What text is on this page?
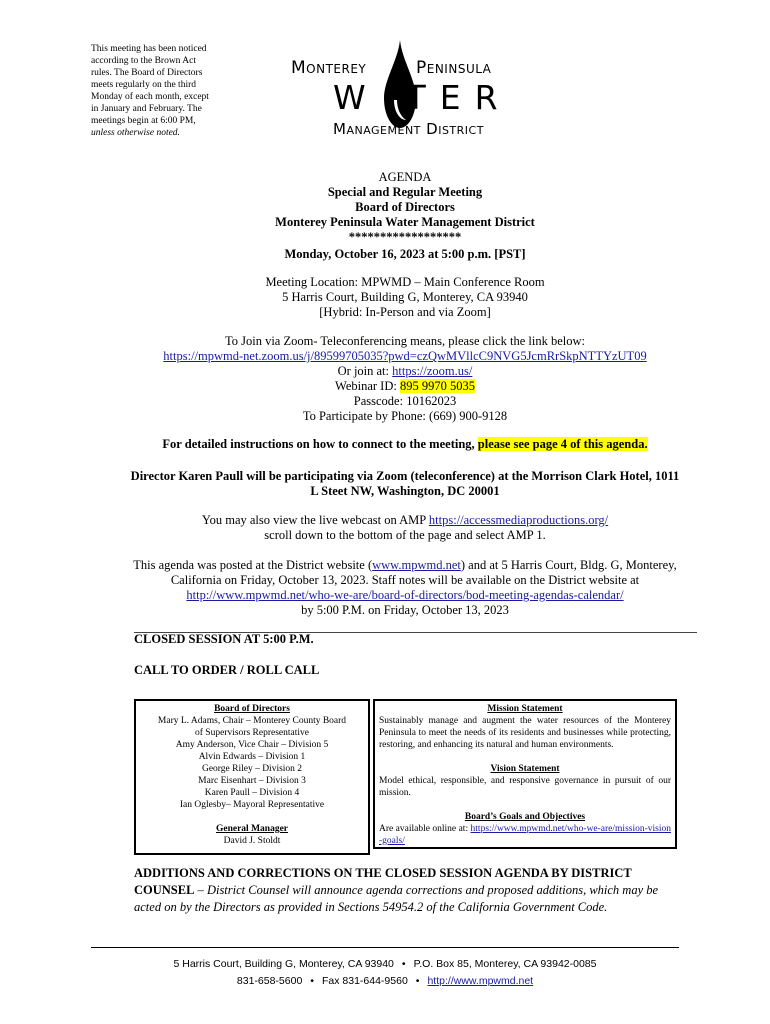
This meeting has been noticed
according to the Brown Act
rules. The Board of Directors
meets regularly on the third
Monday of each month, except
in January and February. The
meetings begin at 6:00 PM,
unless otherwise noted.
Monterey	Peninsula
W TER
Management District
AGENDA
Special and Regular Meeting
Board of Directors
Monterey Peninsula Water Management District
******************
Monday, October 16, 2023 at 5:00 p.m. [PST]
Meeting Location: MPWMD – Main Conference Room
5 Harris Court, Building G, Monterey, CA 93940
[Hybrid: In-Person and via Zoom]
To Join via Zoom- Teleconferencing means, please click the link below:
https://mpwmd-net.zoom.us/j/89599705035?pwd=czQwMVllcC9NVG5JcmRrSkpNTTYzUT09
Or join at: https://zoom.us/
Webinar ID: 895 9970 5035
Passcode: 10162023
To Participate by Phone: (669) 900-9128
For detailed instructions on how to connect to the meeting, please see page 4 of this agenda.
Director Karen Paull will be participating via Zoom (teleconference) at the Morrison Clark Hotel, 1011
L Steet NW, Washington, DC 20001
You may also view the live webcast on AMP https://accessmediaproductions.org/
scroll down to the bottom of the page and select AMP 1.
This agenda was posted at the District website (www.mpwmd.net) and at 5 Harris Court, Bldg. G, Monterey,
California on Friday, October 13, 2023. Staff notes will be available on the District website at
http://www.mpwmd.net/who-we-are/board-of-directors/bod-meeting-agendas-calendar/
by 5:00 P.M. on Friday, October 13, 2023
CLOSED SESSION AT 5:00 P.M.
CALL TO ORDER / ROLL CALL
Board of Directors
Mary L. Adams, Chair – Monterey County Board
of Supervisors Representative
Amy Anderson, Vice Chair – Division 5
Alvin Edwards – Division 1
George Riley – Division 2
Marc Eisenhart – Division 3
Karen Paull – Division 4
Ian Oglesby– Mayoral Representative
General Manager
David J. Stoldt
Mission Statement
Sustainably manage and augment the water resources of the Monterey Peninsula to meet the needs of its residents and businesses while protecting, restoring, and enhancing its natural and human environments.
Vision Statement
Model ethical, responsible, and responsive governance in pursuit of our mission.
Board’s Goals and Objectives
Are available online at: https://www.mpwmd.net/who-we-are/mission-vision-goals/
ADDITIONS AND CORRECTIONS ON THE CLOSED SESSION AGENDA BY DISTRICT COUNSEL – District Counsel will announce agenda corrections and proposed additions, which may be acted on by the Directors as provided in Sections 54954.2 of the California Government Code.
5 Harris Court, Building G, Monterey, CA 93940 • P.O. Box 85, Monterey, CA 93942-0085
831-658-5600 • Fax 831-644-9560 • http://www.mpwmd.net
